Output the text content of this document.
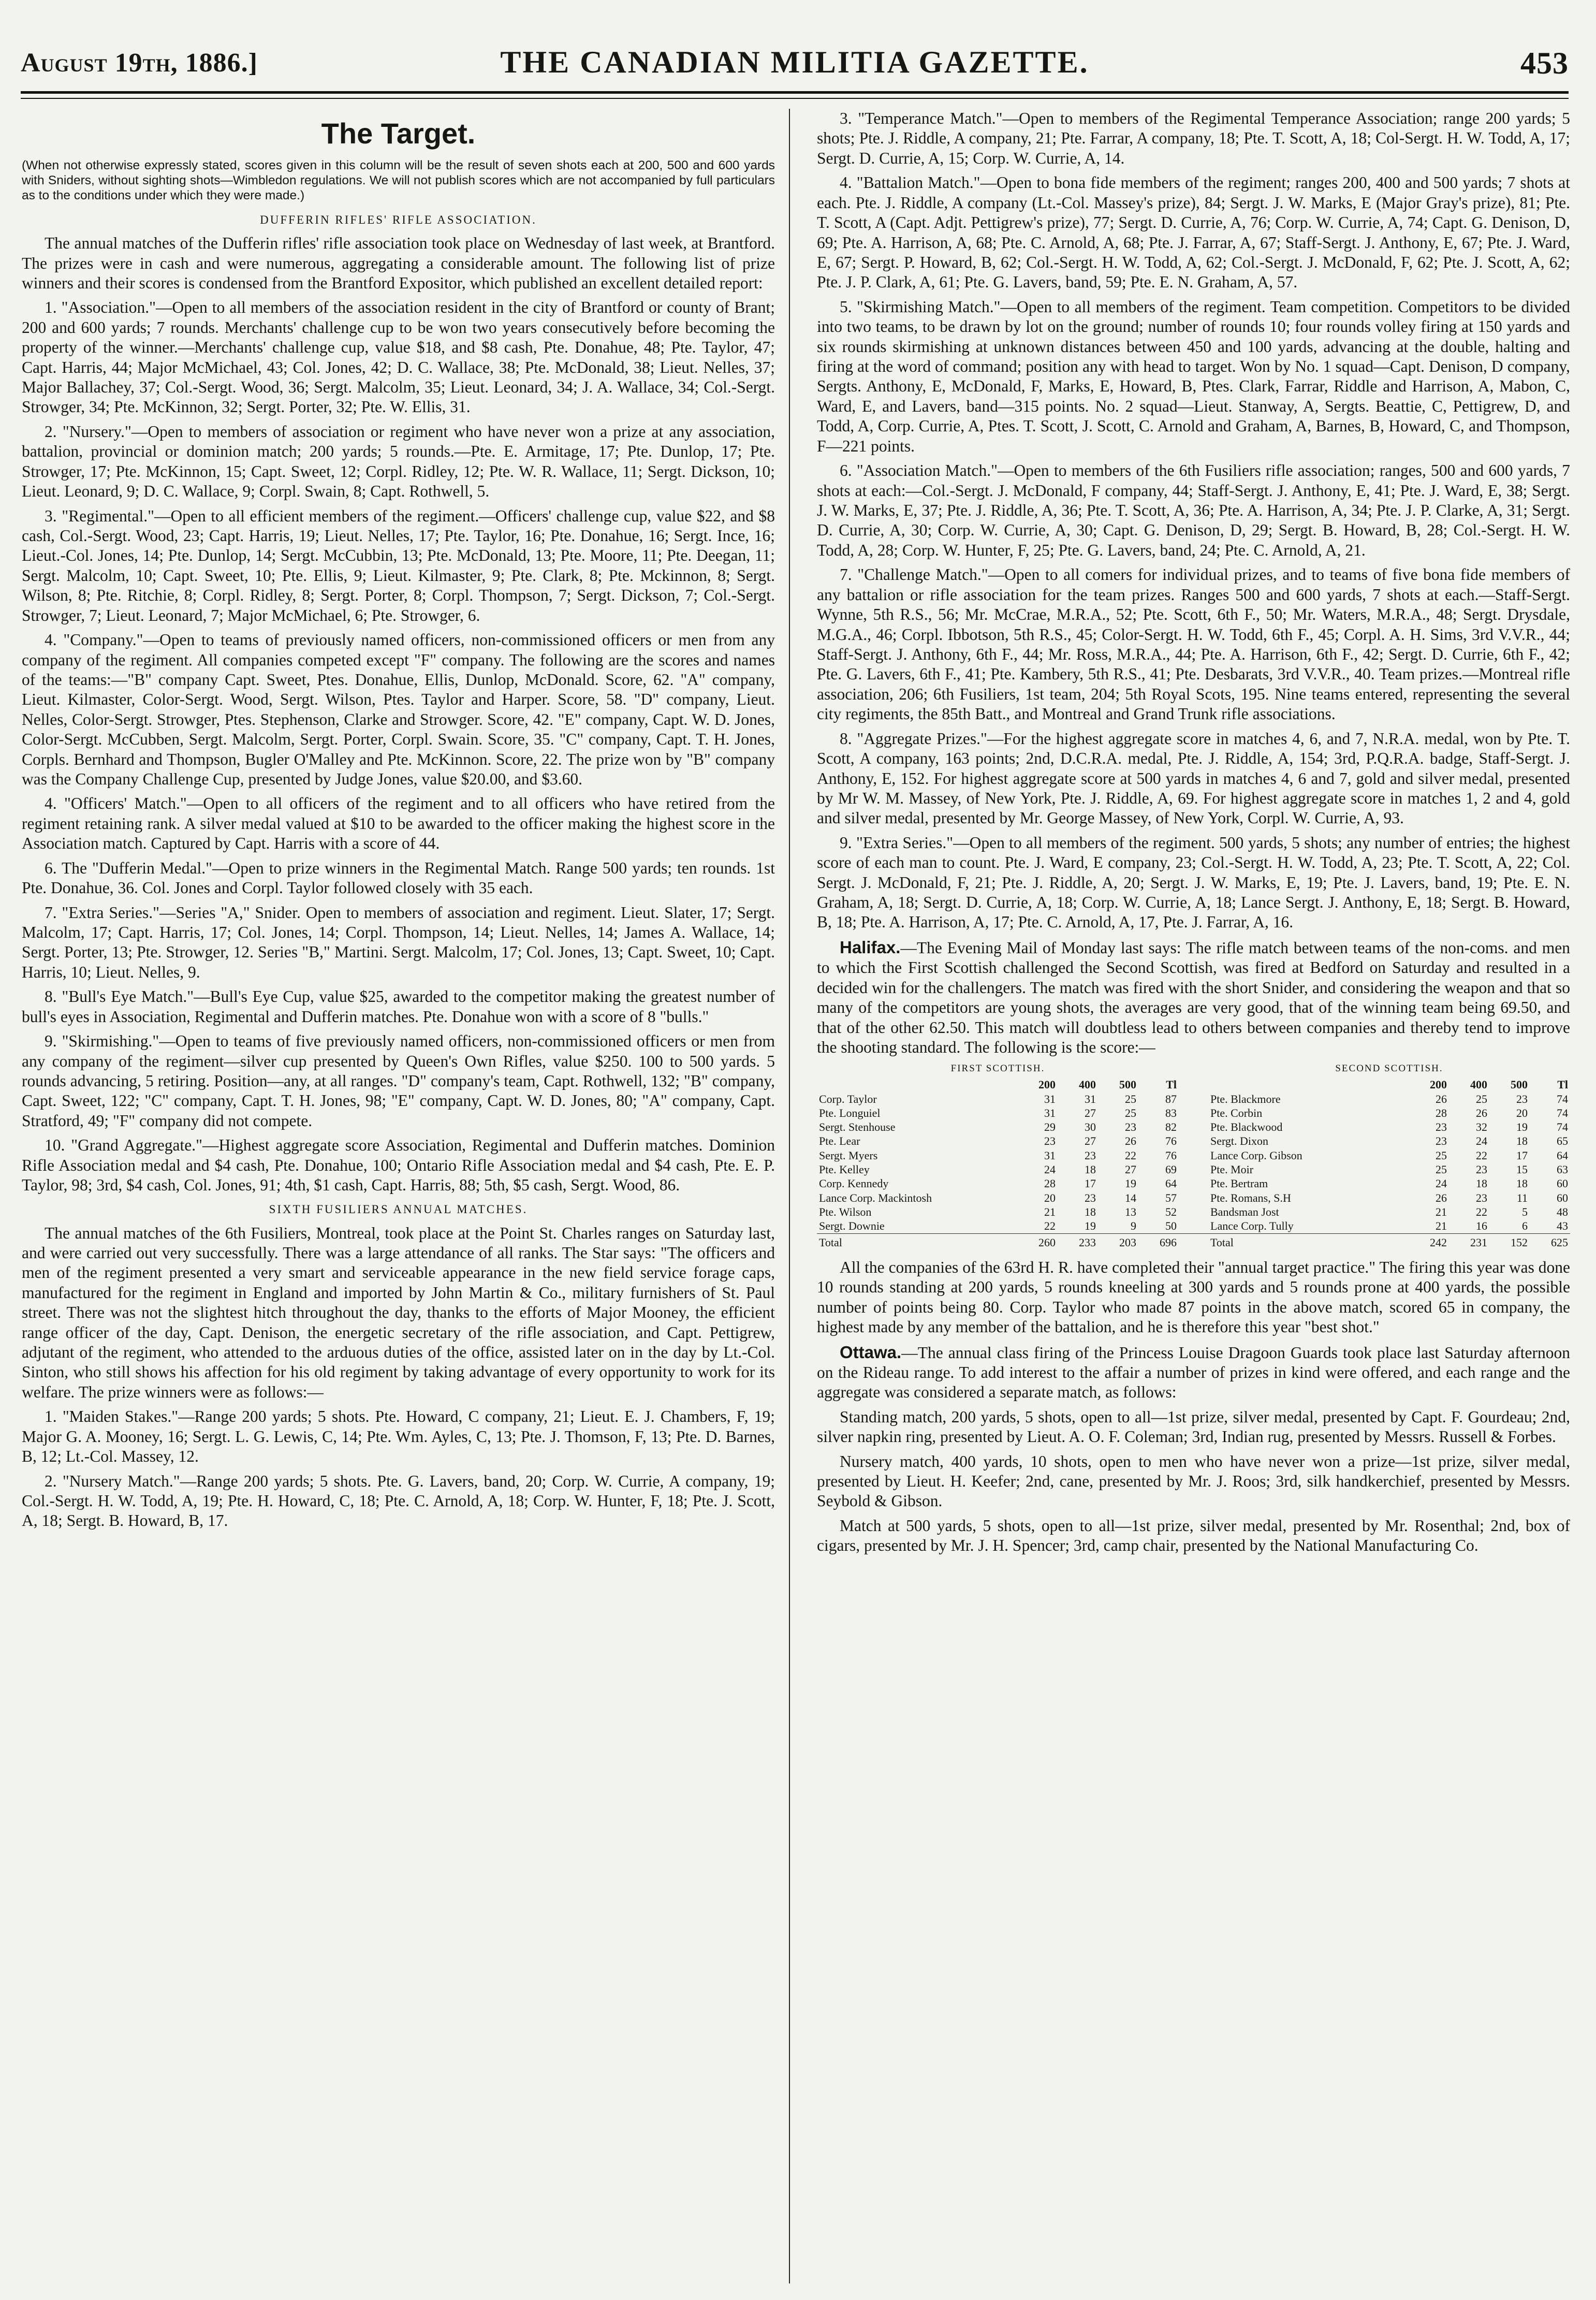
August 19th, 1886.]	THE CANADIAN MILITIA GAZETTE.	453
The Target.
(When not otherwise expressly stated, scores given in this column will be the result of seven shots each at 200, 500 and 600 yards with Sniders, without sighting shots—Wimbledon regulations. We will not publish scores which are not accompanied by full particulars as to the conditions under which they were made.)
DUFFERIN RIFLES' RIFLE ASSOCIATION.

The annual matches of the Dufferin rifles' rifle association took place on Wednesday of last week, at Brantford. The prizes were in cash and were numerous, aggregating a considerable amount. The following list of prize winners and their scores is condensed from the Brantford Expositor, which published an excellent detailed report:

1. "Association."—Open to all members of the association resident in the city of Brantford or county of Brant; 200 and 600 yards; 7 rounds. Merchants' challenge cup to be won two years consecutively before becoming the property of the winner.—Merchants' challenge cup, value $18, and $8 cash, Pte. Donahue, 48; Pte. Taylor, 47; Capt. Harris, 44; Major McMichael, 43; Col. Jones, 42; D. C. Wallace, 38; Pte. McDonald, 38; Lieut. Nelles, 37; Major Ballachey, 37; Col.-Sergt. Wood, 36; Sergt. Malcolm, 35; Lieut. Leonard, 34; J. A. Wallace, 34; Col.-Sergt. Strowger, 34; Pte. McKinnon, 32; Sergt. Porter, 32; Pte. W. Ellis, 31.

2. "Nursery."—Open to members of association or regiment who have never won a prize at any association, battalion, provincial or dominion match; 200 yards; 5 rounds.—Pte. E. Armitage, 17; Pte. Dunlop, 17; Pte. Strowger, 17; Pte. McKinnon, 15; Capt. Sweet, 12; Corpl. Ridley, 12; Pte. W. R. Wallace, 11; Sergt. Dickson, 10; Lieut. Leonard, 9; D. C. Wallace, 9; Corpl. Swain, 8; Capt. Rothwell, 5.

3. "Regimental."—Open to all efficient members of the regiment.—Officers' challenge cup, value $22, and $8 cash, Col.-Sergt. Wood, 23; Capt. Harris, 19; Lieut. Nelles, 17; Pte. Taylor, 16; Pte. Donahue, 16; Sergt. Ince, 16; Lieut.-Col. Jones, 14; Pte. Dunlop, 14; Sergt. McCubbin, 13; Pte. McDonald, 13; Pte. Moore, 11; Pte. Deegan, 11; Sergt. Malcolm, 10; Capt. Sweet, 10; Pte. Ellis, 9; Lieut. Kilmaster, 9; Pte. Clark, 8; Pte. Mckinnon, 8; Sergt. Wilson, 8; Pte. Ritchie, 8; Corpl. Ridley, 8; Sergt. Porter, 8; Corpl. Thompson, 7; Sergt. Dickson, 7; Col.-Sergt. Strowger, 7; Lieut. Leonard, 7; Major McMichael, 6; Pte. Strowger, 6.

4. "Company."—Open to teams of previously named officers, non-commissioned officers or men from any company of the regiment. All companies competed except "F" company. The following are the scores and names of the teams:—"B" company Capt. Sweet, Ptes. Donahue, Ellis, Dunlop, McDonald. Score, 62. "A" company, Lieut. Kilmaster, Color-Sergt. Wood, Sergt. Wilson, Ptes. Taylor and Harper. Score, 58. "D" company, Lieut. Nelles, Color-Sergt. Strowger, Ptes. Stephenson, Clarke and Strowger. Score, 42. "E" company, Capt. W. D. Jones, Color-Sergt. McCubben, Sergt. Malcolm, Sergt. Porter, Corpl. Swain. Score, 35. "C" company, Capt. T. H. Jones, Corpls. Bernhard and Thompson, Bugler O'Malley and Pte. McKinnon. Score, 22. The prize won by "B" company was the Company Challenge Cup, presented by Judge Jones, value $20.00, and $3.60.

4. "Officers' Match."—Open to all officers of the regiment and to all officers who have retired from the regiment retaining rank. A silver medal valued at $10 to be awarded to the officer making the highest score in the Association match. Captured by Capt. Harris with a score of 44.

6. The "Dufferin Medal."—Open to prize winners in the Regimental Match. Range 500 yards; ten rounds. 1st Pte. Donahue, 36. Col. Jones and Corpl. Taylor followed closely with 35 each.

7. "Extra Series."—Series "A," Snider. Open to members of association and regiment. Lieut. Slater, 17; Sergt. Malcolm, 17; Capt. Harris, 17; Col. Jones, 14; Corpl. Thompson, 14; Lieut. Nelles, 14; James A. Wallace, 14; Sergt. Porter, 13; Pte. Strowger, 12. Series "B," Martini. Sergt. Malcolm, 17; Col. Jones, 13; Capt. Sweet, 10; Capt. Harris, 10; Lieut. Nelles, 9.

8. "Bull's Eye Match."—Bull's Eye Cup, value $25, awarded to the competitor making the greatest number of bull's eyes in Association, Regimental and Dufferin matches. Pte. Donahue won with a score of 8 "bulls."

9. "Skirmishing."—Open to teams of five previously named officers, non-commissioned officers or men from any company of the regiment—silver cup presented by Queen's Own Rifles, value $250. 100 to 500 yards. 5 rounds advancing, 5 retiring. Position—any, at all ranges. "D" company's team, Capt. Rothwell, 132; "B" company, Capt. Sweet, 122; "C" company, Capt. T. H. Jones, 98; "E" company, Capt. W. D. Jones, 80; "A" company, Capt. Stratford, 49; "F" company did not compete.

10. "Grand Aggregate."—Highest aggregate score Association, Regimental and Dufferin matches. Dominion Rifle Association medal and $4 cash, Pte. Donahue, 100; Ontario Rifle Association medal and $4 cash, Pte. E. P. Taylor, 98; 3rd, $4 cash, Col. Jones, 91; 4th, $1 cash, Capt. Harris, 88; 5th, $5 cash, Sergt. Wood, 86.

SIXTH FUSILIERS ANNUAL MATCHES.

The annual matches of the 6th Fusiliers, Montreal, took place at the Point St. Charles ranges on Saturday last, and were carried out very successfully. There was a large attendance of all ranks. The Star says: "The officers and men of the regiment presented a very smart and serviceable appearance in the new field service forage caps, manufactured for the regiment in England and imported by John Martin & Co., military furnishers of St. Paul street. There was not the slightest hitch throughout the day, thanks to the efforts of Major Mooney, the efficient range officer of the day, Capt. Denison, the energetic secretary of the rifle association, and Capt. Pettigrew, adjutant of the regiment, who attended to the arduous duties of the office, assisted later on in the day by Lt.-Col. Sinton, who still shows his affection for his old regiment by taking advantage of every opportunity to work for its welfare. The prize winners were as follows:—

1. "Maiden Stakes."—Range 200 yards; 5 shots. Pte. Howard, C company, 21; Lieut. E. J. Chambers, F, 19; Major G. A. Mooney, 16; Sergt. L. G. Lewis, C, 14; Pte. Wm. Ayles, C, 13; Pte. J. Thomson, F, 13; Pte. D. Barnes, B, 12; Lt.-Col. Massey, 12.

2. "Nursery Match."—Range 200 yards; 5 shots. Pte. G. Lavers, band, 20; Corp. W. Currie, A company, 19; Col.-Sergt. H. W. Todd, A, 19; Pte. H. Howard, C, 18; Pte. C. Arnold, A, 18; Corp. W. Hunter, F, 18; Pte. J. Scott, A, 18; Sergt. B. Howard, B, 17.

3. "Temperance Match."—Open to members of the Regimental Temperance Association; range 200 yards; 5 shots; Pte. J. Riddle, A company, 21; Pte. Farrar, A company, 18; Pte. T. Scott, A, 18; Col-Sergt. H. W. Todd, A, 17; Sergt. D. Currie, A, 15; Corp. W. Currie, A, 14.

4. "Battalion Match."—Open to bona fide members of the regiment; ranges 200, 400 and 500 yards; 7 shots at each. Pte. J. Riddle, A company (Lt.-Col. Massey's prize), 84; Sergt. J. W. Marks, E (Major Gray's prize), 81; Pte. T. Scott, A (Capt. Adjt. Pettigrew's prize), 77; Sergt. D. Currie, A, 76; Corp. W. Currie, A, 74; Capt. G. Denison, D, 69; Pte. A. Harrison, A, 68; Pte. C. Arnold, A, 68; Pte. J. Farrar, A, 67; Staff-Sergt. J. Anthony, E, 67; Pte. J. Ward, E, 67; Sergt. P. Howard, B, 62; Col.-Sergt. H. W. Todd, A, 62; Col.-Sergt. J. McDonald, F, 62; Pte. J. Scott, A, 62; Pte. J. P. Clark, A, 61; Pte. G. Lavers, band, 59; Pte. E. N. Graham, A, 57.

5. "Skirmishing Match."—Open to all members of the regiment. Team competition. Competitors to be divided into two teams, to be drawn by lot on the ground; number of rounds 10; four rounds volley firing at 150 yards and six rounds skirmishing at unknown distances between 450 and 100 yards, advancing at the double, halting and firing at the word of command; position any with head to target. Won by No. 1 squad—Capt. Denison, D company, Sergts. Anthony, E, McDonald, F, Marks, E, Howard, B, Ptes. Clark, Farrar, Riddle and Harrison, A, Mabon, C, Ward, E, and Lavers, band—315 points. No. 2 squad—Lieut. Stanway, A, Sergts. Beattie, C, Pettigrew, D, and Todd, A, Corp. Currie, A, Ptes. T. Scott, J. Scott, C. Arnold and Graham, A, Barnes, B, Howard, C, and Thompson, F—221 points.

6. "Association Match."—Open to members of the 6th Fusiliers rifle association; ranges, 500 and 600 yards, 7 shots at each:—Col.-Sergt. J. McDonald, F company, 44; Staff-Sergt. J. Anthony, E, 41; Pte. J. Ward, E, 38; Sergt. J. W. Marks, E, 37; Pte. J. Riddle, A, 36; Pte. T. Scott, A, 36; Pte. A. Harrison, A, 34; Pte. J. P. Clarke, A, 31; Sergt. D. Currie, A, 30; Corp. W. Currie, A, 30; Capt. G. Denison, D, 29; Sergt. B. Howard, B, 28; Col.-Sergt. H. W. Todd, A, 28; Corp. W. Hunter, F, 25; Pte. G. Lavers, band, 24; Pte. C. Arnold, A, 21.

7. "Challenge Match."—Open to all comers for individual prizes, and to teams of five bona fide members of any battalion or rifle association for the team prizes. Ranges 500 and 600 yards, 7 shots at each.—Staff-Sergt. Wynne, 5th R.S., 56; Mr. McCrae, M.R.A., 52; Pte. Scott, 6th F., 50; Mr. Waters, M.R.A., 48; Sergt. Drysdale, M.G.A., 46; Corpl. Ibbotson, 5th R.S., 45; Color-Sergt. H. W. Todd, 6th F., 45; Corpl. A. H. Sims, 3rd V.V.R., 44; Staff-Sergt. J. Anthony, 6th F., 44; Mr. Ross, M.R.A., 44; Pte. A. Harrison, 6th F., 42; Sergt. D. Currie, 6th F., 42; Pte. G. Lavers, 6th F., 41; Pte. Kambery, 5th R.S., 41; Pte. Desbarats, 3rd V.V.R., 40. Team prizes.—Montreal rifle association, 206; 6th Fusiliers, 1st team, 204; 5th Royal Scots, 195. Nine teams entered, representing the several city regiments, the 85th Batt., and Montreal and Grand Trunk rifle associations.

8. "Aggregate Prizes."—For the highest aggregate score in matches 4, 6, and 7, N.R.A. medal, won by Pte. T. Scott, A company, 163 points; 2nd, D.C.R.A. medal, Pte. J. Riddle, A, 154; 3rd, P.Q.R.A. badge, Staff-Sergt. J. Anthony, E, 152. For highest aggregate score at 500 yards in matches 4, 6 and 7, gold and silver medal, presented by Mr W. M. Massey, of New York, Pte. J. Riddle, A, 69. For highest aggregate score in matches 1, 2 and 4, gold and silver medal, presented by Mr. George Massey, of New York, Corpl. W. Currie, A, 93.

9. "Extra Series."—Open to all members of the regiment. 500 yards, 5 shots; any number of entries; the highest score of each man to count. Pte. J. Ward, E company, 23; Col.-Sergt. H. W. Todd, A, 23; Pte. T. Scott, A, 22; Col. Sergt. J. McDonald, F, 21; Pte. J. Riddle, A, 20; Sergt. J. W. Marks, E, 19; Pte. J. Lavers, band, 19; Pte. E. N. Graham, A, 18; Sergt. D. Currie, A, 18; Corp. W. Currie, A, 18; Lance Sergt. J. Anthony, E, 18; Sergt. B. Howard, B, 18; Pte. A. Harrison, A, 17; Pte. C. Arnold, A, 17, Pte. J. Farrar, A, 16.

Halifax.—The Evening Mail of Monday last says: The rifle match between teams of the non-coms. and men to which the First Scottish challenged the Second Scottish, was fired at Bedford on Saturday and resulted in a decided win for the challengers. The match was fired with the short Snider, and considering the weapon and that so many of the competitors are young shots, the averages are very good, that of the winning team being 69.50, and that of the other 62.50. This match will doubtless lead to others between companies and thereby tend to improve the shooting standard. The following is the score:—

FIRST SCOTTISH.						SECOND SCOTTISH.				
	200	400	500	Tl			200	400	500	Tl
Corp. Taylor	31	31	25	87		Pte. Blackmore	26	25	23	74
Pte. Longuiel	31	27	25	83		Pte. Corbin	28	26	20	74
Sergt. Stenhouse	29	30	23	82		Pte. Blackwood	23	32	19	74
Pte. Lear	23	27	26	76		Sergt. Dixon	23	24	18	65
Sergt. Myers	31	23	22	76		Lance Corp. Gibson	25	22	17	64
Pte. Kelley	24	18	27	69		Pte. Moir	25	23	15	63
Corp. Kennedy	28	17	19	64		Pte. Bertram	24	18	18	60
Lance Corp. Mackintosh	20	23	14	57		Pte. Romans, S.H	26	23	11	60
Pte. Wilson	21	18	13	52		Bandsman Jost	21	22	5	48
Sergt. Downie	22	19	9	50		Lance Corp. Tully	21	16	6	43
Total	260	233	203	696		Total	242	231	152	625

All the companies of the 63rd H. R. have completed their "annual target practice." The firing this year was done 10 rounds standing at 200 yards, 5 rounds kneeling at 300 yards and 5 rounds prone at 400 yards, the possible number of points being 80. Corp. Taylor who made 87 points in the above match, scored 65 in company, the highest made by any member of the battalion, and he is therefore this year "best shot."

Ottawa.—The annual class firing of the Princess Louise Dragoon Guards took place last Saturday afternoon on the Rideau range. To add interest to the affair a number of prizes in kind were offered, and each range and the aggregate was considered a separate match, as follows:

Standing match, 200 yards, 5 shots, open to all—1st prize, silver medal, presented by Capt. F. Gourdeau; 2nd, silver napkin ring, presented by Lieut. A. O. F. Coleman; 3rd, Indian rug, presented by Messrs. Russell & Forbes.

Nursery match, 400 yards, 10 shots, open to men who have never won a prize—1st prize, silver medal, presented by Lieut. H. Keefer; 2nd, cane, presented by Mr. J. Roos; 3rd, silk handkerchief, presented by Messrs. Seybold & Gibson.

Match at 500 yards, 5 shots, open to all—1st prize, silver medal, presented by Mr. Rosenthal; 2nd, box of cigars, presented by Mr. J. H. Spencer; 3rd, camp chair, presented by the National Manufacturing Co.
